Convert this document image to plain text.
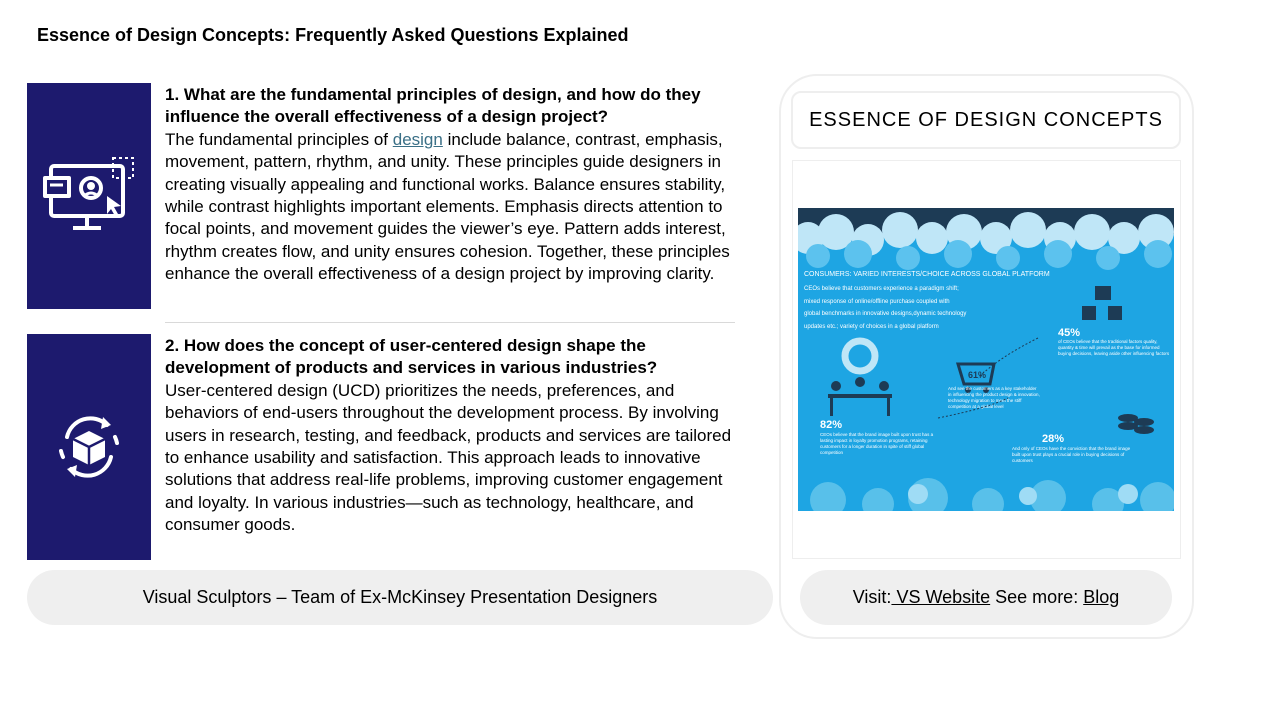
Essence of Design Concepts: Frequently Asked Questions Explained
1. What are the fundamental principles of design, and how do they influence the overall effectiveness of a design project?
The fundamental principles of design include balance, contrast, emphasis, movement, pattern, rhythm, and unity. These principles guide designers in creating visually appealing and functional works. Balance ensures stability, while contrast highlights important elements. Emphasis directs attention to focal points, and movement guides the viewer’s eye. Pattern adds interest, rhythm creates flow, and unity ensures cohesion. Together, these principles enhance the overall effectiveness of a design project by improving clarity.
2. How does the concept of user-centered design shape the development of products and services in various industries?
User-centered design (UCD) prioritizes the needs, preferences, and behaviors of end-users throughout the development process. By involving users in research, testing, and feedback, products and services are tailored to enhance usability and satisfaction. This approach leads to innovative solutions that address real-life problems, improving customer engagement and loyalty. In various industries—such as technology, healthcare, and consumer goods.
Visual Sculptors – Team of Ex-McKinsey Presentation Designers
ESSENCE OF DESIGN CONCEPTS
CONSUMERS: VARIED INTERESTS/CHOICE ACROSS GLOBAL PLATFORM
CEOs believe that customers experience a paradigm shift;
mixed response of online/offline purchase coupled with
global benchmarks in innovative designs,dynamic technology
updates etc.; variety of choices in a global platform	45%
61%
82%
28%
of CEOs believe that the traditional factors quality, quantity & time will prevail as the base for informed buying decisions, leaving aside other influencing factors
And see the customers as a key stakeholder in influencing the product design & innovation, technology migration to meet the stiff competition at a global level
CEOs believe that the brand image built upon trust has a lasting impact in loyalty promotion programs, retaining customers for a longer duration in spite of stiff global competition
And only of CEOs have the conviction that the brand image built upon trust plays a crucial role in buying decisions of customers
Visit: VS Website See more: Blog
